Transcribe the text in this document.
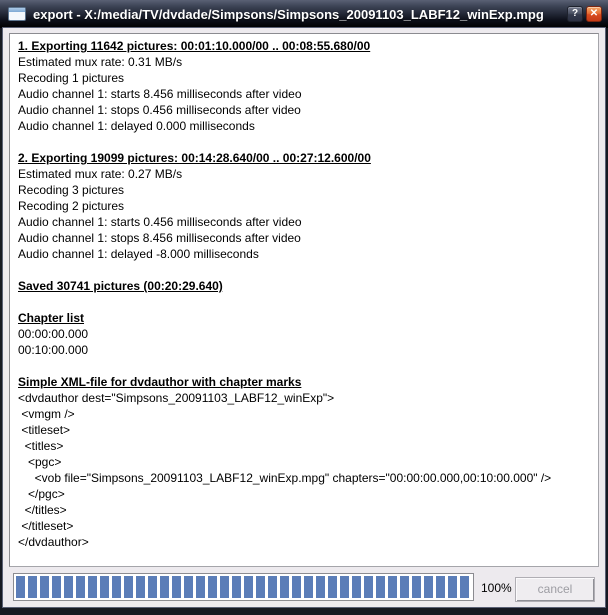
export - X:/media/TV/dvdade/Simpsons/Simpsons_20091103_LABF12_winExp.mpg	?	✕
1. Exporting 11642 pictures: 00:01:10.000/00 .. 00:08:55.680/00
Estimated mux rate: 0.31 MB/s
Recoding 1 pictures
Audio channel 1: starts 8.456 milliseconds after video
Audio channel 1: stops 0.456 milliseconds after video
Audio channel 1: delayed 0.000 milliseconds
2. Exporting 19099 pictures: 00:14:28.640/00 .. 00:27:12.600/00
Estimated mux rate: 0.27 MB/s
Recoding 3 pictures
Recoding 2 pictures
Audio channel 1: starts 0.456 milliseconds after video
Audio channel 1: stops 8.456 milliseconds after video
Audio channel 1: delayed -8.000 milliseconds
Saved 30741 pictures (00:20:29.640)
Chapter list
00:00:00.000
00:10:00.000
Simple XML-file for dvdauthor with chapter marks
<dvdauthor dest="Simpsons_20091103_LABF12_winExp">
<vmgm />
<titleset>
<titles>
<pgc>
<vob file="Simpsons_20091103_LABF12_winExp.mpg" chapters="00:00:00.000,00:10:00.000" />
</pgc>
</titles>
</titleset>
</dvdauthor>
100%	cancel
